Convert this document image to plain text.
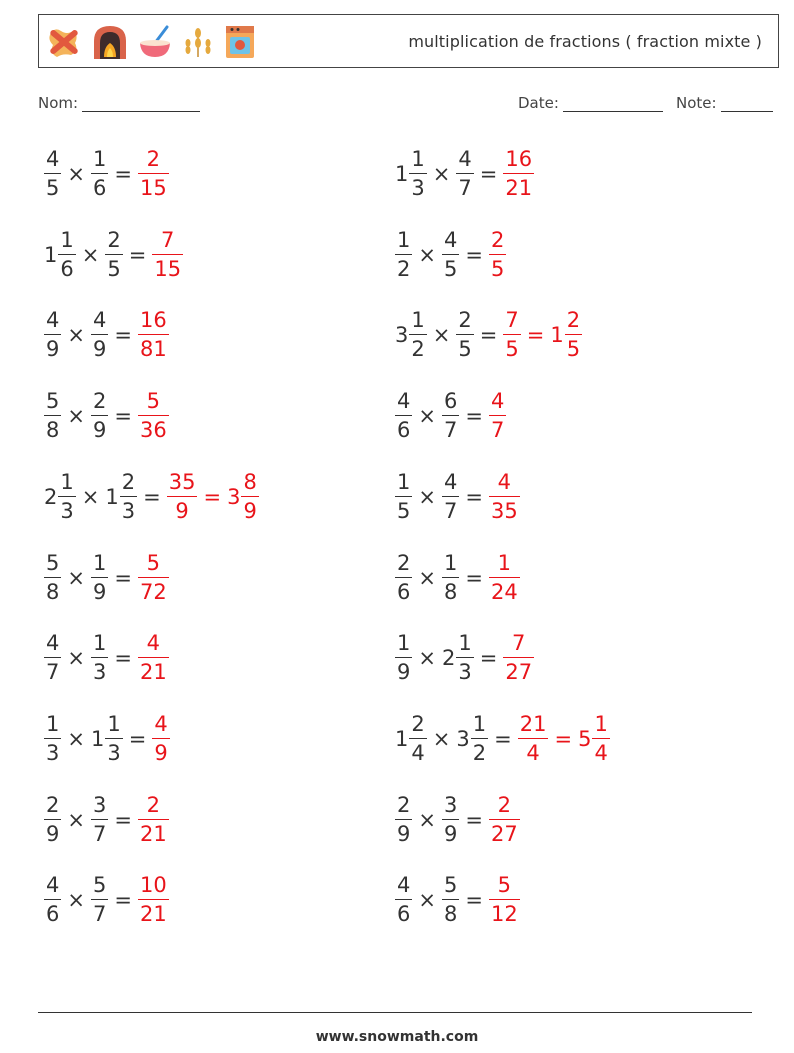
multiplication de fractions ( fraction mixte )
Nom:	Date:	Note:
$\frac{4}{5} \times \frac{1}{6} = \frac{2}{15}$	$1 \frac{1}{3} \times \frac{4}{7} = \frac{16}{21}$
$1 \frac{1}{6} \times \frac{2}{5} = \frac{7}{15}$	$\frac{1}{2} \times \frac{4}{5} = \frac{2}{5}$
$\frac{4}{9} \times \frac{4}{9} = \frac{16}{81}$	$3 \frac{1}{2} \times \frac{2}{5} = \frac{7}{5} = 1 \frac{2}{5}$
$\frac{5}{8} \times \frac{2}{9} = \frac{5}{36}$	$\frac{4}{6} \times \frac{6}{7} = \frac{4}{7}$
$2 \frac{1}{3} \times 1 \frac{2}{3} = \frac{35}{9} = 3 \frac{8}{9}$	$\frac{1}{5} \times \frac{4}{7} = \frac{4}{35}$
$\frac{5}{8} \times \frac{1}{9} = \frac{5}{72}$	$\frac{2}{6} \times \frac{1}{8} = \frac{1}{24}$
$\frac{4}{7} \times \frac{1}{3} = \frac{4}{21}$	$\frac{1}{9} \times 2 \frac{1}{3} = \frac{7}{27}$
$\frac{1}{3} \times 1 \frac{1}{3} = \frac{4}{9}$	$1 \frac{2}{4} \times 3 \frac{1}{2} = \frac{21}{4} = 5 \frac{1}{4}$
$\frac{2}{9} \times \frac{3}{7} = \frac{2}{21}$	$\frac{2}{9} \times \frac{3}{9} = \frac{2}{27}$
$\frac{4}{6} \times \frac{5}{7} = \frac{10}{21}$	$\frac{4}{6} \times \frac{5}{8} = \frac{5}{12}$
www.snowmath.com
